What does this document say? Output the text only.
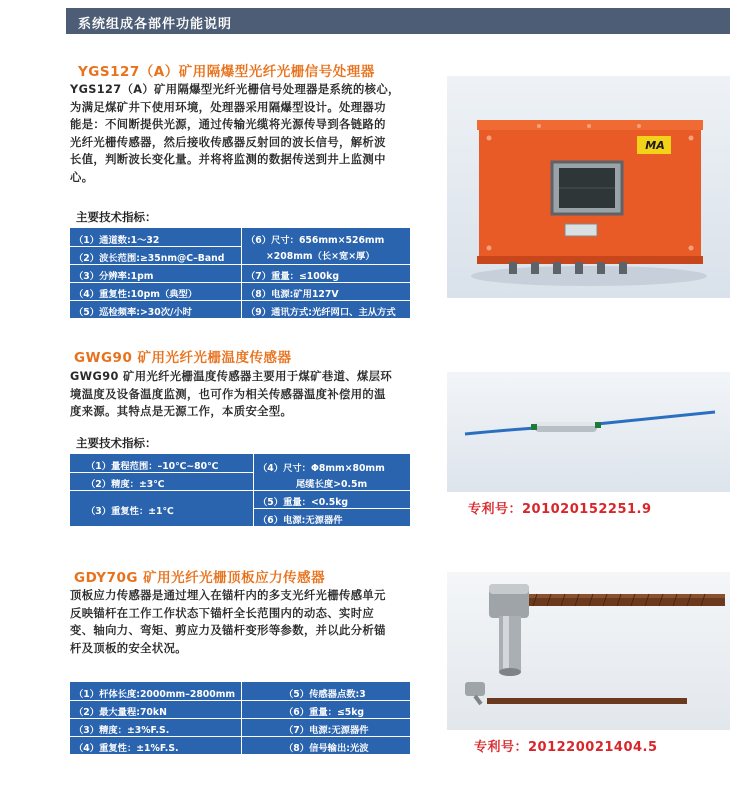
系统组成各部件功能说明
YGS127（A）矿用隔爆型光纤光栅信号处理器
YGS127（A）矿用隔爆型光纤光栅信号处理器是系统的核心，
为满足煤矿井下使用环境，处理器采用隔爆型设计。处理器功
能是：不间断提供光源，通过传输光缆将光源传导到各链路的
光纤光栅传感器，然后接收传感器反射回的波长信号，解析波
长值，判断波长变化量。并将将监测的数据传送到井上监测中
心。
主要技术指标：
（1）通道数:1～32
（2）波长范围:≥35nm@C–Band
（3）分辨率:1pm
（4）重复性:10pm（典型）
（5）巡检频率:>30次/小时
（6）尺寸：656mm×526mm
×208mm（长×宽×厚）
（7）重量：≤100kg
（8）电源:矿用127V
（9）通讯方式:光纤网口、主从方式
MA
GWG90 矿用光纤光栅温度传感器
GWG90 矿用光纤光栅温度传感器主要用于煤矿巷道、煤层环
境温度及设备温度监测，也可作为相关传感器温度补偿用的温
度来源。其特点是无源工作，本质安全型。
主要技术指标：
（1）量程范围：–10℃~80℃
（2）精度：±3℃
（3）重复性：±1℃
（4）尺寸：Φ8mm×80mm
尾缆长度>0.5m
（5）重量：<0.5kg
（6）电源:无源器件
专利号：201020152251.9
GDY70G 矿用光纤光栅顶板应力传感器
顶板应力传感器是通过埋入在锚杆内的多支光纤光栅传感单元
反映锚杆在工作工作状态下锚杆全长范围内的动态、实时应
变、轴向力、弯矩、剪应力及锚杆变形等参数，并以此分析锚
杆及顶板的安全状况。
（1）杆体长度:2000mm–2800mm
（2）最大量程:70kN
（3）精度：±3%F.S.
（4）重复性：±1%F.S.
（5）传感器点数:3
（6）重量：≤5kg
（7）电源:无源器件
（8）信号输出:光波	专利号：201220021404.5
